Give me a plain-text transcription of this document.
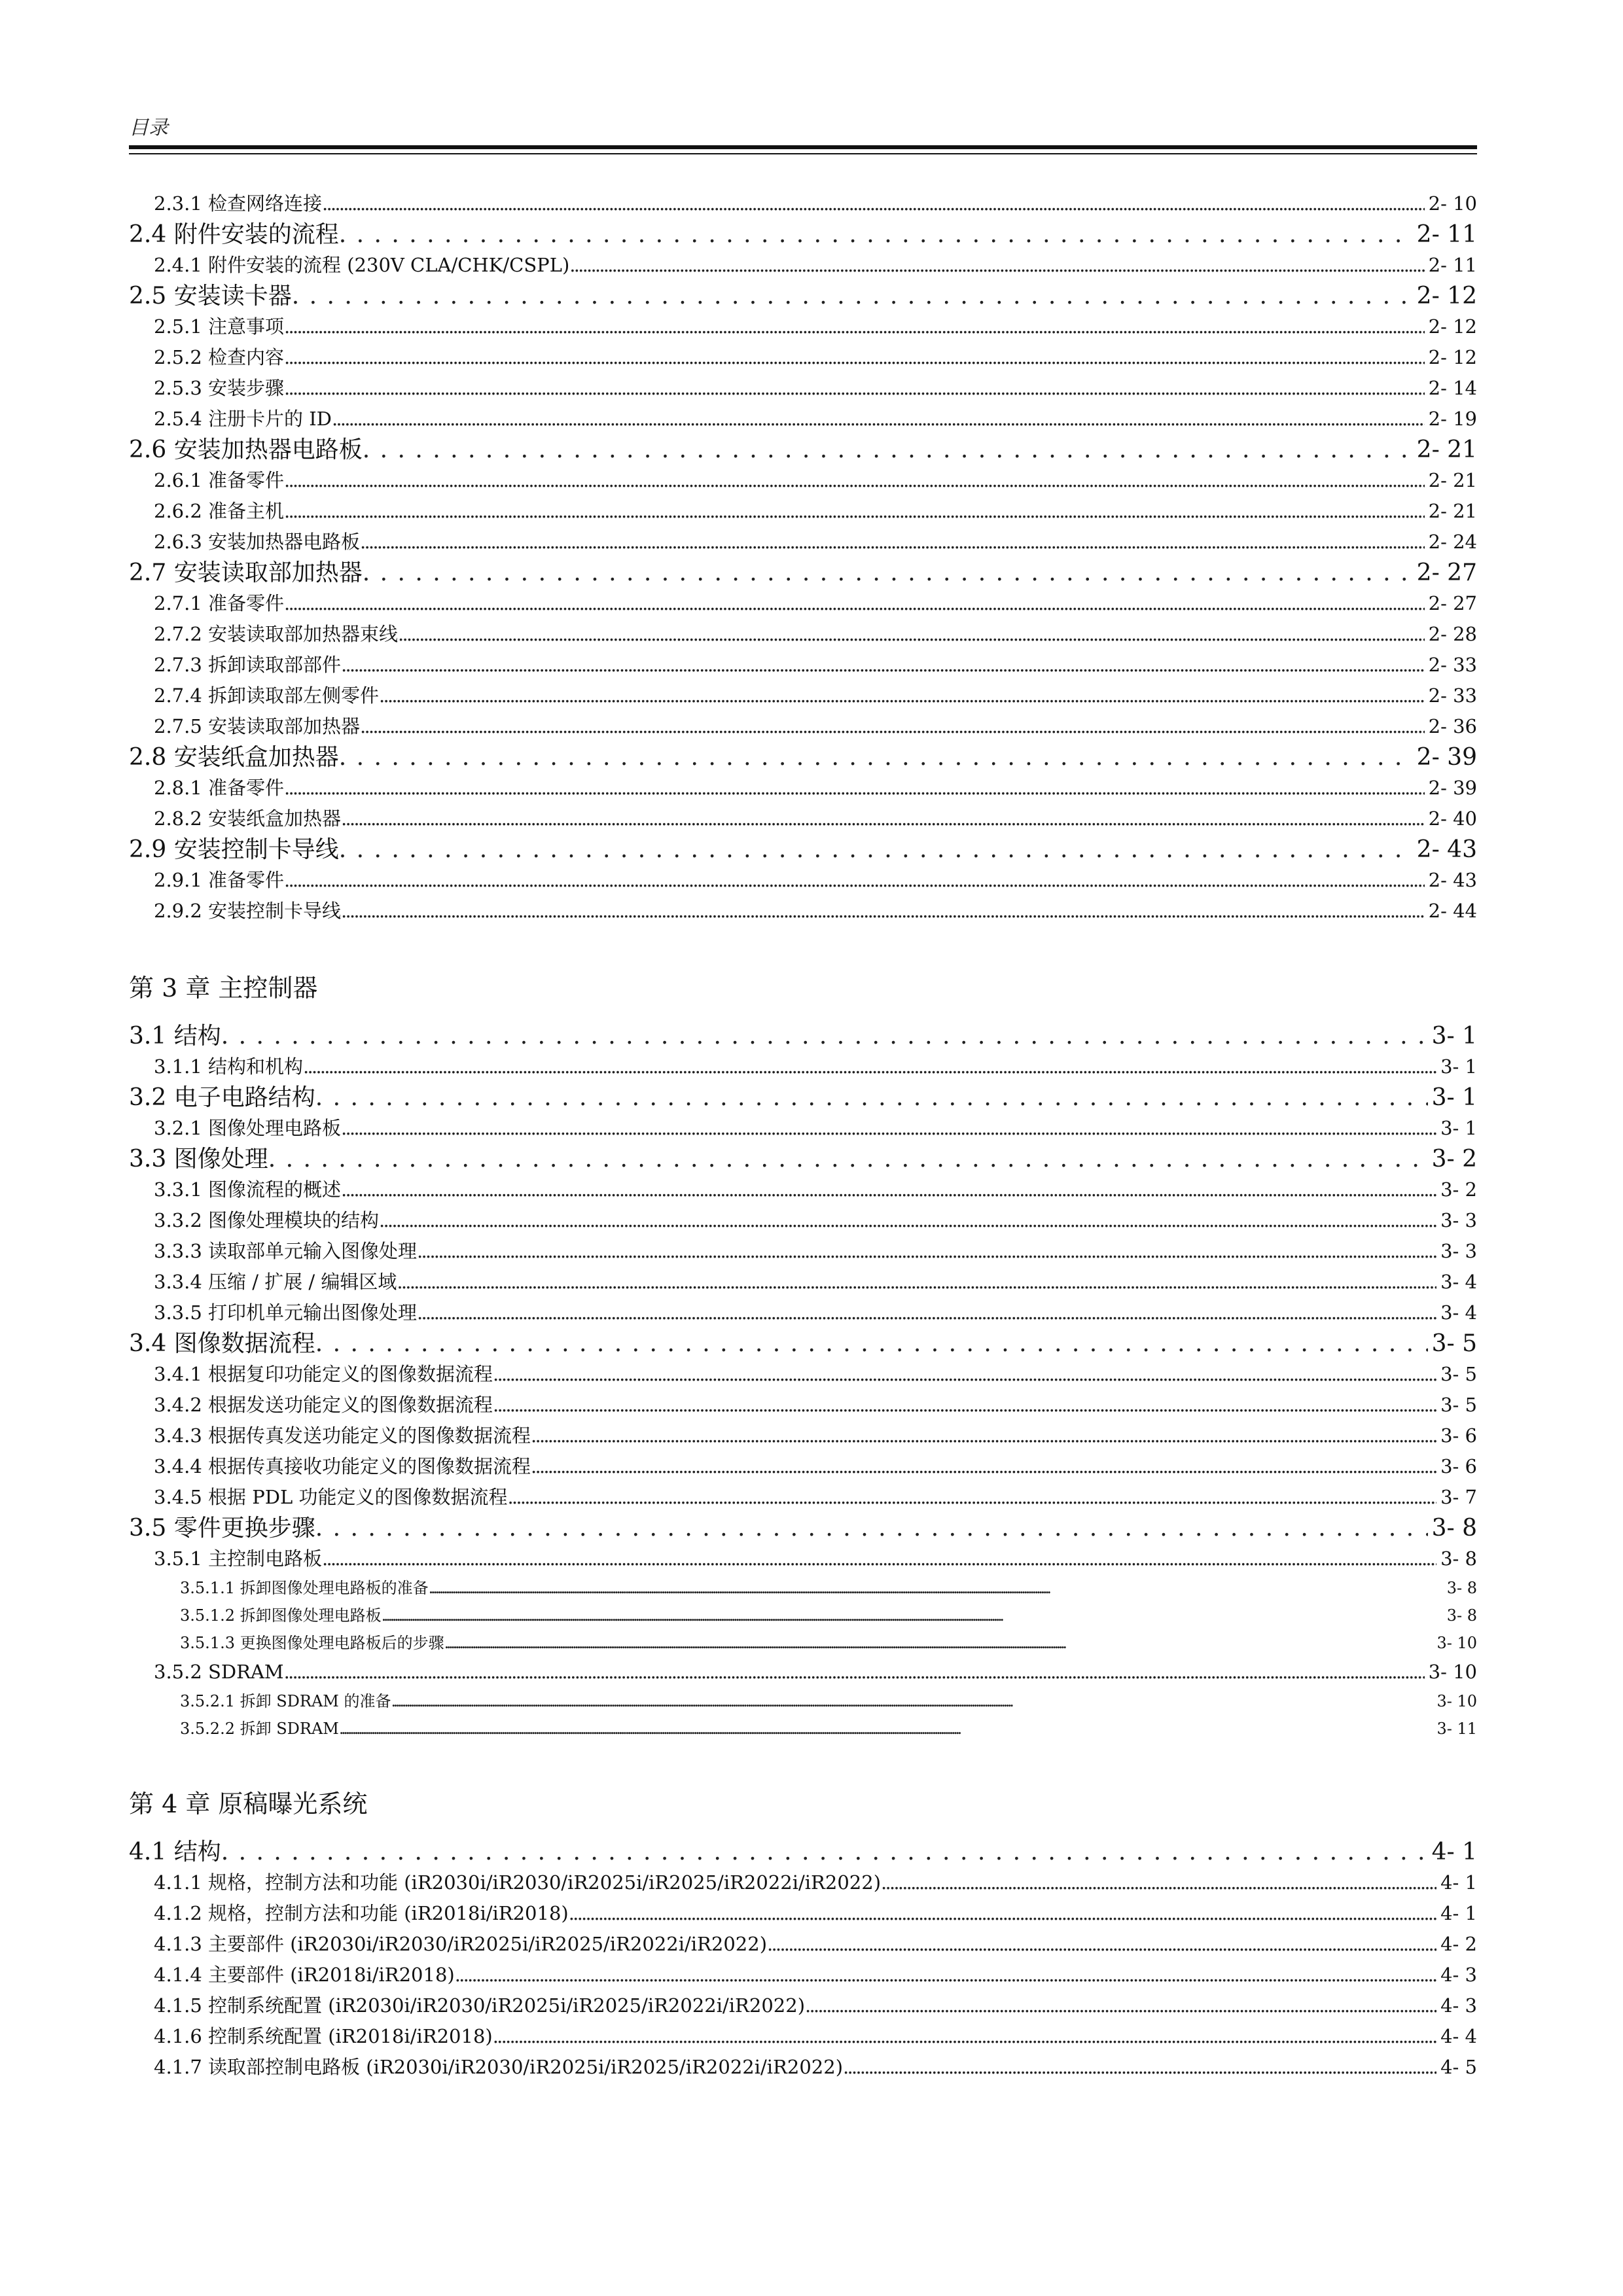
目录
2.3.1 检查网络连接 . . .	2- 10
2.4 附件安装的流程 . . .	2- 11
2.4.1 附件安装的流程 (230V CLA/CHK/CSPL) . . .	2- 11
2.5 安装读卡器 . . .	2- 12
2.5.1 注意事项 . . .	2- 12
2.5.2 检查内容 . . .	2- 12
2.5.3 安装步骤 . . .	2- 14
2.5.4 注册卡片的 ID . . .	2- 19
2.6 安装加热器电路板 . . .	2- 21
2.6.1 准备零件 . . .	2- 21
2.6.2 准备主机 . . .	2- 21
2.6.3 安装加热器电路板 . . .	2- 24
2.7 安装读取部加热器 . . .	2- 27
2.7.1 准备零件 . . .	2- 27
2.7.2 安装读取部加热器束线 . . .	2- 28
2.7.3 拆卸读取部部件 . . .	2- 33
2.7.4 拆卸读取部左侧零件 . . .	2- 33
2.7.5 安装读取部加热器 . . .	2- 36
2.8 安装纸盒加热器 . . .	2- 39
2.8.1 准备零件 . . .	2- 39
2.8.2 安装纸盒加热器 . . .	2- 40
2.9 安装控制卡导线 . . .	2- 43
2.9.1 准备零件 . . .	2- 43
2.9.2 安装控制卡导线 . . .	2- 44
第 3 章 主控制器
3.1 结构 . . .	3- 1
3.1.1 结构和机构 . . .	3- 1
3.2 电子电路结构 . . .	3- 1
3.2.1 图像处理电路板 . . .	3- 1
3.3 图像处理 . . .	3- 2
3.3.1 图像流程的概述 . . .	3- 2
3.3.2 图像处理模块的结构 . . .	3- 3
3.3.3 读取部单元输入图像处理 . . .	3- 3
3.3.4 压缩 / 扩展 / 编辑区域 . . .	3- 4
3.3.5 打印机单元输出图像处理 . . .	3- 4
3.4 图像数据流程 . . .	3- 5
3.4.1 根据复印功能定义的图像数据流程 . . .	3- 5
3.4.2 根据发送功能定义的图像数据流程 . . .	3- 5
3.4.3 根据传真发送功能定义的图像数据流程 . . .	3- 6
3.4.4 根据传真接收功能定义的图像数据流程 . . .	3- 6
3.4.5 根据 PDL 功能定义的图像数据流程 . . .	3- 7
3.5 零件更换步骤 . . .	3- 8
3.5.1 主控制电路板 . . .	3- 8
3.5.1.1 拆卸图像处理电路板的准备 . . .	3- 8
3.5.1.2 拆卸图像处理电路板 . . .	3- 8
3.5.1.3 更换图像处理电路板后的步骤 . . .	3- 10
3.5.2 SDRAM . . .	3- 10
3.5.2.1 拆卸 SDRAM 的准备 . . .	3- 10
3.5.2.2 拆卸 SDRAM . . .	3- 11
第 4 章 原稿曝光系统
4.1 结构 . . .	4- 1
4.1.1 规格，控制方法和功能 (iR2030i/iR2030/iR2025i/iR2025/iR2022i/iR2022) . . .	4- 1
4.1.2 规格，控制方法和功能 (iR2018i/iR2018) . . .	4- 1
4.1.3 主要部件 (iR2030i/iR2030/iR2025i/iR2025/iR2022i/iR2022) . . .	4- 2
4.1.4 主要部件 (iR2018i/iR2018) . . .	4- 3
4.1.5 控制系统配置 (iR2030i/iR2030/iR2025i/iR2025/iR2022i/iR2022) . . .	4- 3
4.1.6 控制系统配置 (iR2018i/iR2018) . . .	4- 4
4.1.7 读取部控制电路板 (iR2030i/iR2030/iR2025i/iR2025/iR2022i/iR2022) . . .	4- 5
